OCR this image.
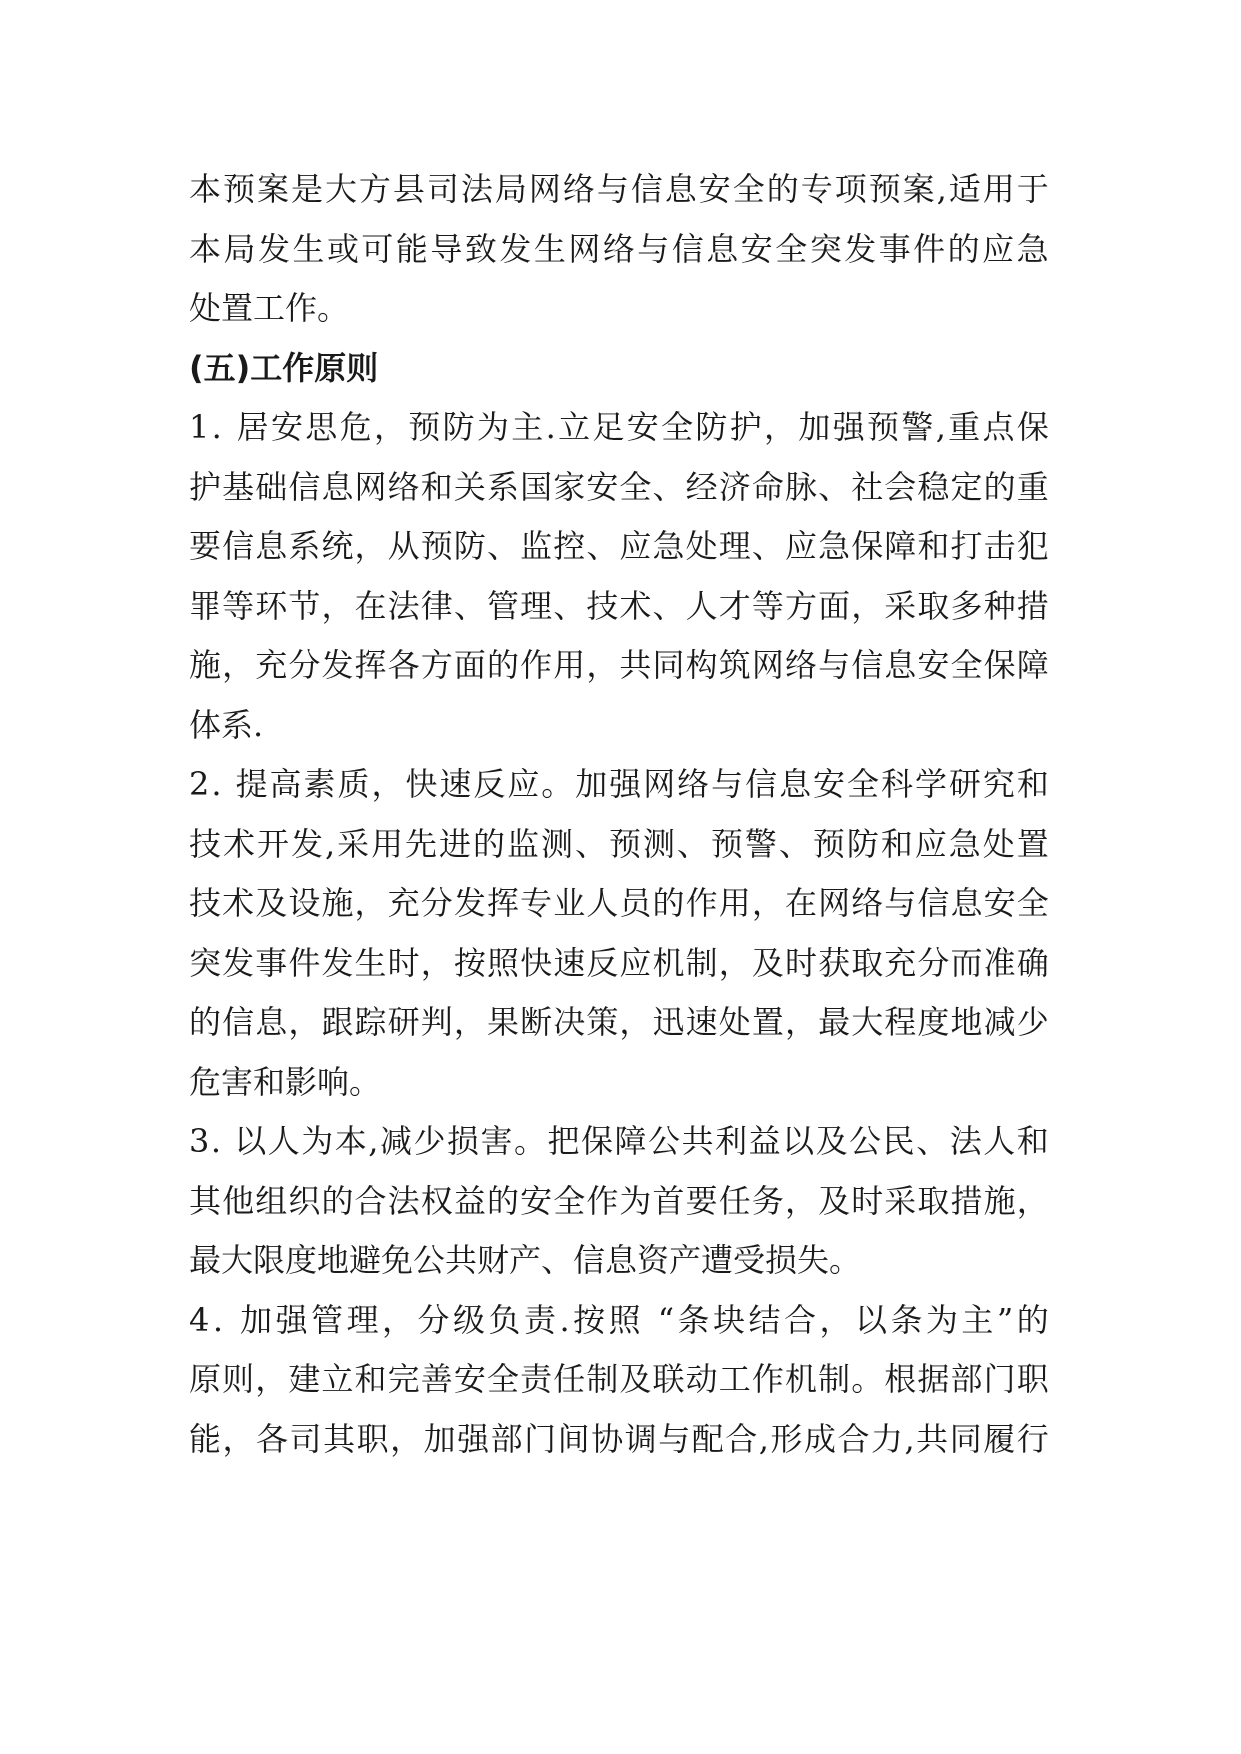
本 预 案 是 大 方 县 司 法 局 网 络 与 信 息 安 全 的 专 项 预 案 , 适 用 于
本 局 发 生 或 可 能 导 致 发 生 网 络 与 信 息 安 全 突 发 事 件 的 应 急
处置工作。
(五)工作原则
1 .
居 安 思 危 ， 预 防 为 主 . 立 足 安 全 防 护 ， 加 强 预 警 , 重 点 保
护 基 础 信 息 网 络 和 关 系 国 家 安 全 、 经 济 命 脉 、 社 会 稳 定 的 重
要 信 息 系 统 ， 从 预 防 、 监 控 、 应 急 处 理 、 应 急 保 障 和 打 击 犯
罪 等 环 节 ， 在 法 律 、 管 理 、 技 术 、 人 才 等 方 面 ， 采 取 多 种 措
施 ， 充 分 发 挥 各 方 面 的 作 用 ， 共 同 构 筑 网 络 与 信 息 安 全 保 障
体系.
2 .
提 高 素 质 ， 快 速 反 应 。 加 强 网 络 与 信 息 安 全 科 学 研 究 和
技 术 开 发 , 采 用 先 进 的 监 测 、 预 测 、 预 警 、 预 防 和 应 急 处 置
技 术 及 设 施 ， 充 分 发 挥 专 业 人 员 的 作 用 ， 在 网 络 与 信 息 安 全
突 发 事 件 发 生 时 ， 按 照 快 速 反 应 机 制 ， 及 时 获 取 充 分 而 准 确
的 信 息 ， 跟 踪 研 判 ， 果 断 决 策 ， 迅 速 处 置 ， 最 大 程 度 地 减 少
危害和影响。
3 .
以 人 为 本 , 减 少 损 害 。 把 保 障 公 共 利 益 以 及 公 民 、 法 人 和
其 他 组 织 的 合 法 权 益 的 安 全 作 为 首 要 任 务 ， 及 时 采 取 措 施 ，
最大限度地避免公共财产、信息资产遭受损失。
4 .
加 强 管 理 ， 分 级 负 责 . 按 照
“ 条 块 结 合 ， 以 条 为 主 ” 的
原 则 ， 建 立 和 完 善 安 全 责 任 制 及 联 动 工 作 机 制 。 根 据 部 门 职
能 ， 各 司 其 职 ， 加 强 部 门 间 协 调 与 配 合 , 形 成 合 力 , 共 同 履 行
